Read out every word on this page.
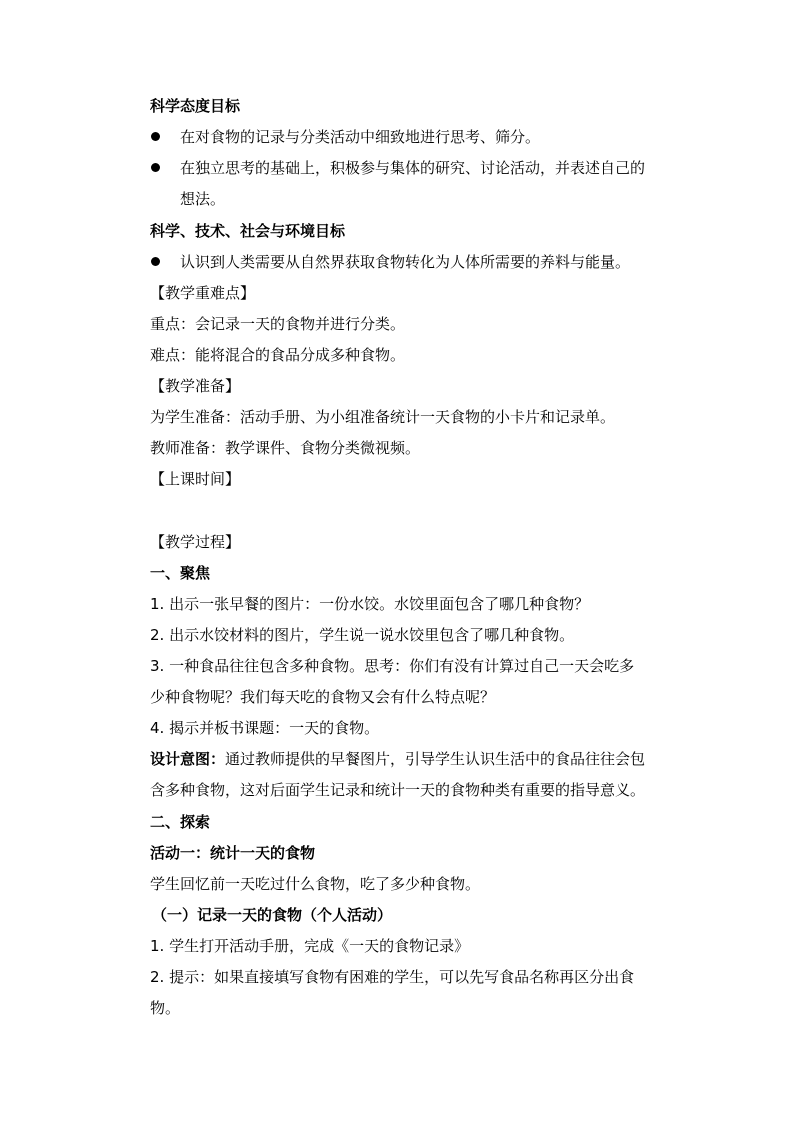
科学态度目标
在对食物的记录与分类活动中细致地进行思考、筛分。
在独立思考的基础上，积极参与集体的研究、讨论活动，并表述自己的
想法。
科学、技术、社会与环境目标
认识到人类需要从自然界获取食物转化为人体所需要的养料与能量。
【教学重难点】
重点：会记录一天的食物并进行分类。
难点：能将混合的食品分成多种食物。
【教学准备】
为学生准备：活动手册、为小组准备统计一天食物的小卡片和记录单。
教师准备：教学课件、食物分类微视频。
【上课时间】
【教学过程】
一、聚焦
1. 出示一张早餐的图片：一份水饺。水饺里面包含了哪几种食物？
2. 出示水饺材料的图片，学生说一说水饺里包含了哪几种食物。
3. 一种食品往往包含多种食物。思考：你们有没有计算过自己一天会吃多
少种食物呢？我们每天吃的食物又会有什么特点呢？
4. 揭示并板书课题：一天的食物。
设计意图：通过教师提供的早餐图片，引导学生认识生活中的食品往往会包
含多种食物，这对后面学生记录和统计一天的食物种类有重要的指导意义。
二、探索
活动一：统计一天的食物
学生回忆前一天吃过什么食物，吃了多少种食物。
（一）记录一天的食物（个人活动）
1. 学生打开活动手册，完成《一天的食物记录》
2. 提示：如果直接填写食物有困难的学生，可以先写食品名称再区分出食
物。
